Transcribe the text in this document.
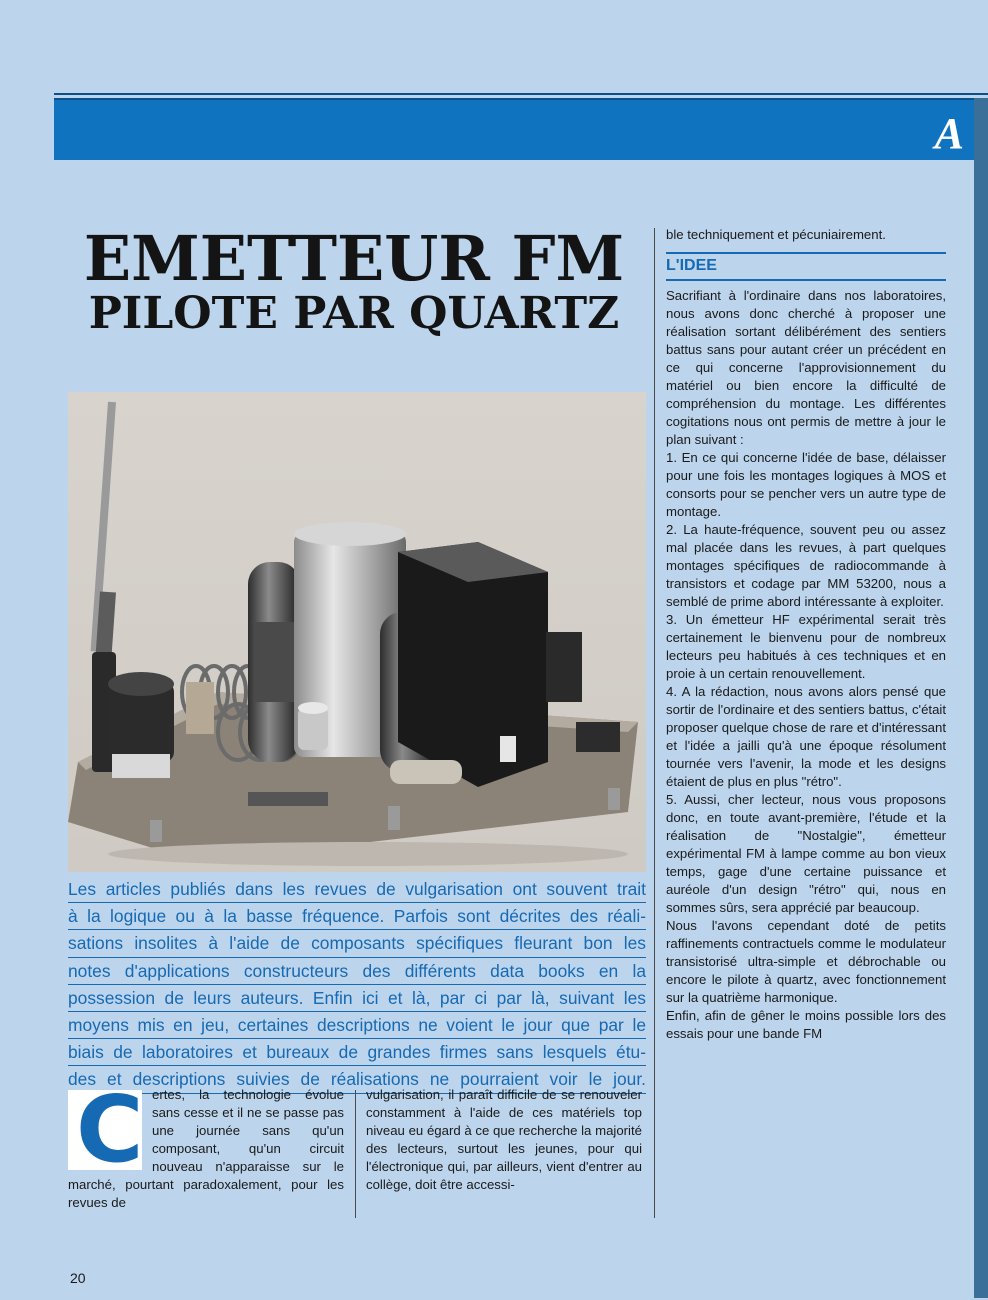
A
EMETTEUR FM
PILOTE PAR QUARTZ
Les articles publiés dans les revues de vulgarisation ont souvent trait
à la logique ou à la basse fréquence. Parfois sont décrites des réali-
sations insolites à l'aide de composants spécifiques fleurant bon les
notes d'applications constructeurs des différents data books en la
possession de leurs auteurs. Enfin ici et là, par ci par là, suivant les
moyens mis en jeu, certaines descriptions ne voient le jour que par le
biais de laboratoires et bureaux de grandes firmes sans lesquels étu-
des et descriptions suivies de réalisations ne pourraient voir le jour.
C ertes, la technologie évolue sans cesse et il ne se passe pas une journée sans qu'un composant, qu'un circuit nouveau n'apparaisse sur le marché, pourtant paradoxalement, pour les revues de

vulgarisation, il paraît difficile de se renouveler constamment à l'aide de ces matériels top niveau eu égard à ce que recherche la majorité des lecteurs, surtout les jeunes, pour qui l'électronique qui, par ailleurs, vient d'entrer au collège, doit être accessi-

ble techniquement et pécuniairement.

L'IDEE

Sacrifiant à l'ordinaire dans nos laboratoires, nous avons donc cherché à proposer une réalisation sortant délibérément des sentiers battus sans pour autant créer un précédent en ce qui concerne l'approvisionnement du matériel ou bien encore la difficulté de compréhension du montage. Les différentes cogitations nous ont permis de mettre à jour le plan suivant :

1. En ce qui concerne l'idée de base, délaisser pour une fois les montages logiques à MOS et consorts pour se pencher vers un autre type de montage.

2. La haute-fréquence, souvent peu ou assez mal placée dans les revues, à part quelques montages spécifiques de radiocommande à transistors et codage par MM 53200, nous a semblé de prime abord intéressante à exploiter.

3. Un émetteur HF expérimental serait très certainement le bienvenu pour de nombreux lecteurs peu habitués à ces techniques et en proie à un certain renouvellement.

4. A la rédaction, nous avons alors pensé que sortir de l'ordinaire et des sentiers battus, c'était proposer quelque chose de rare et d'intéressant et l'idée a jailli qu'à une époque résolument tournée vers l'avenir, la mode et les designs étaient de plus en plus "rétro".

5. Aussi, cher lecteur, nous vous proposons donc, en toute avant-première, l'étude et la réalisation de "Nostalgie", émetteur expérimental FM à lampe comme au bon vieux temps, gage d'une certaine puissance et auréole d'un design "rétro" qui, nous en sommes sûrs, sera apprécié par beaucoup.

Nous l'avons cependant doté de petits raffinements contractuels comme le modulateur transistorisé ultra-simple et débrochable ou encore le pilote à quartz, avec fonctionnement sur la quatrième harmonique.

Enfin, afin de gêner le moins possible lors des essais pour une bande FM

20
